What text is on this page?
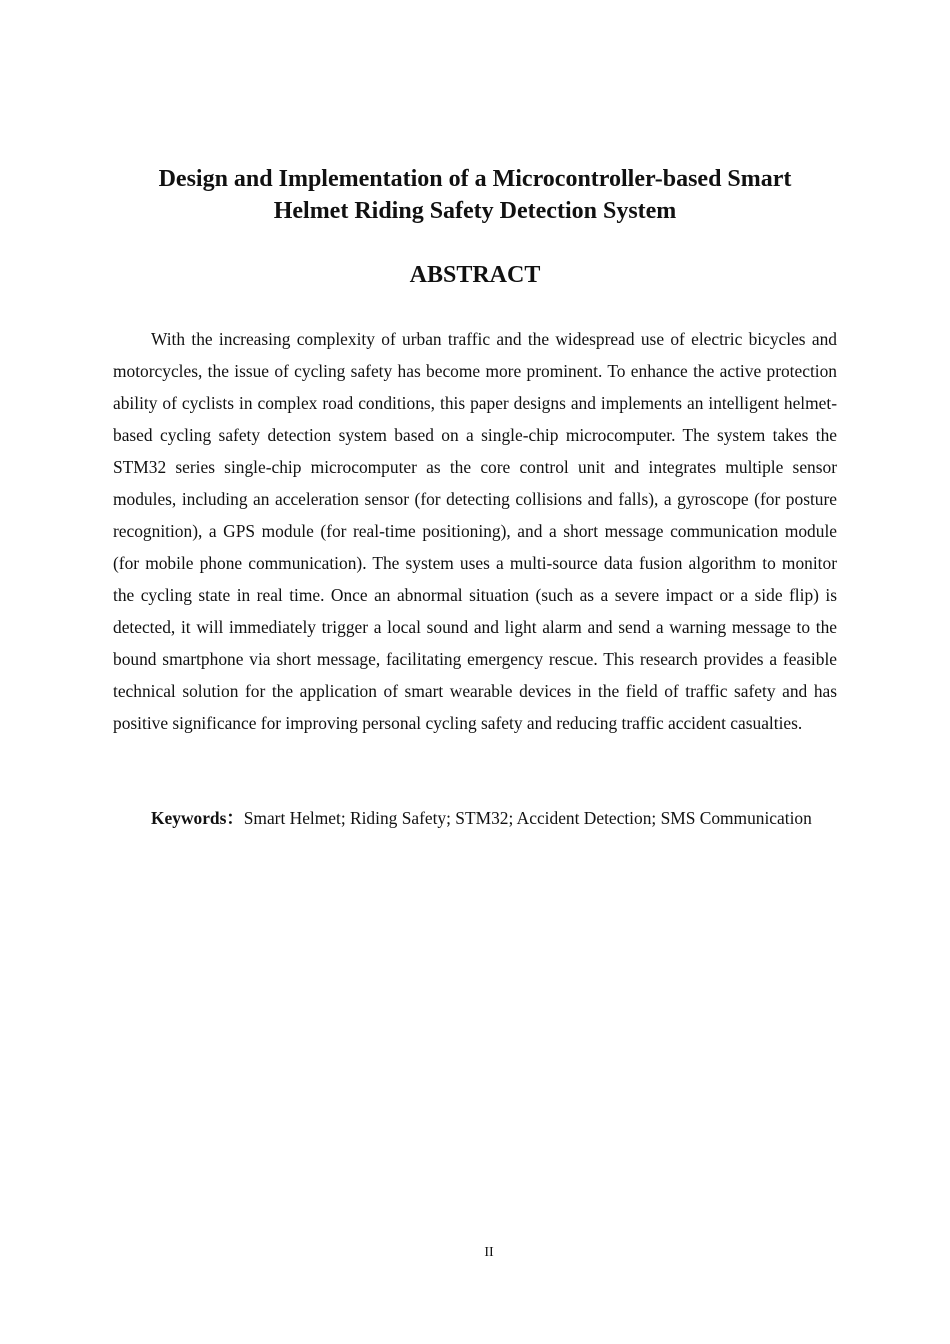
Design and Implementation of a Microcontroller-based Smart
Helmet Riding Safety Detection System
ABSTRACT

With the increasing complexity of urban traffic and the widespread use of electric bicycles and motorcycles, the issue of cycling safety has become more prominent. To enhance the active protection ability of cyclists in complex road conditions, this paper designs and implements an intelligent helmet-based cycling safety detection system based on a single-chip microcomputer. The system takes the STM32 series single-chip microcomputer as the core control unit and integrates multiple sensor modules, including an acceleration sensor (for detecting collisions and falls), a gyroscope (for posture recognition), a GPS module (for real-time positioning), and a short message communication module (for mobile phone communication). The system uses a multi-source data fusion algorithm to monitor the cycling state in real time. Once an abnormal situation (such as a severe impact or a side flip) is detected, it will immediately trigger a local sound and light alarm and send a warning message to the bound smartphone via short message, facilitating emergency rescue. This research provides a feasible technical solution for the application of smart wearable devices in the field of traffic safety and has positive significance for improving personal cycling safety and reducing traffic accident casualties.

Keywords：Smart Helmet; Riding Safety; STM32; Accident Detection; SMS Communication

II
